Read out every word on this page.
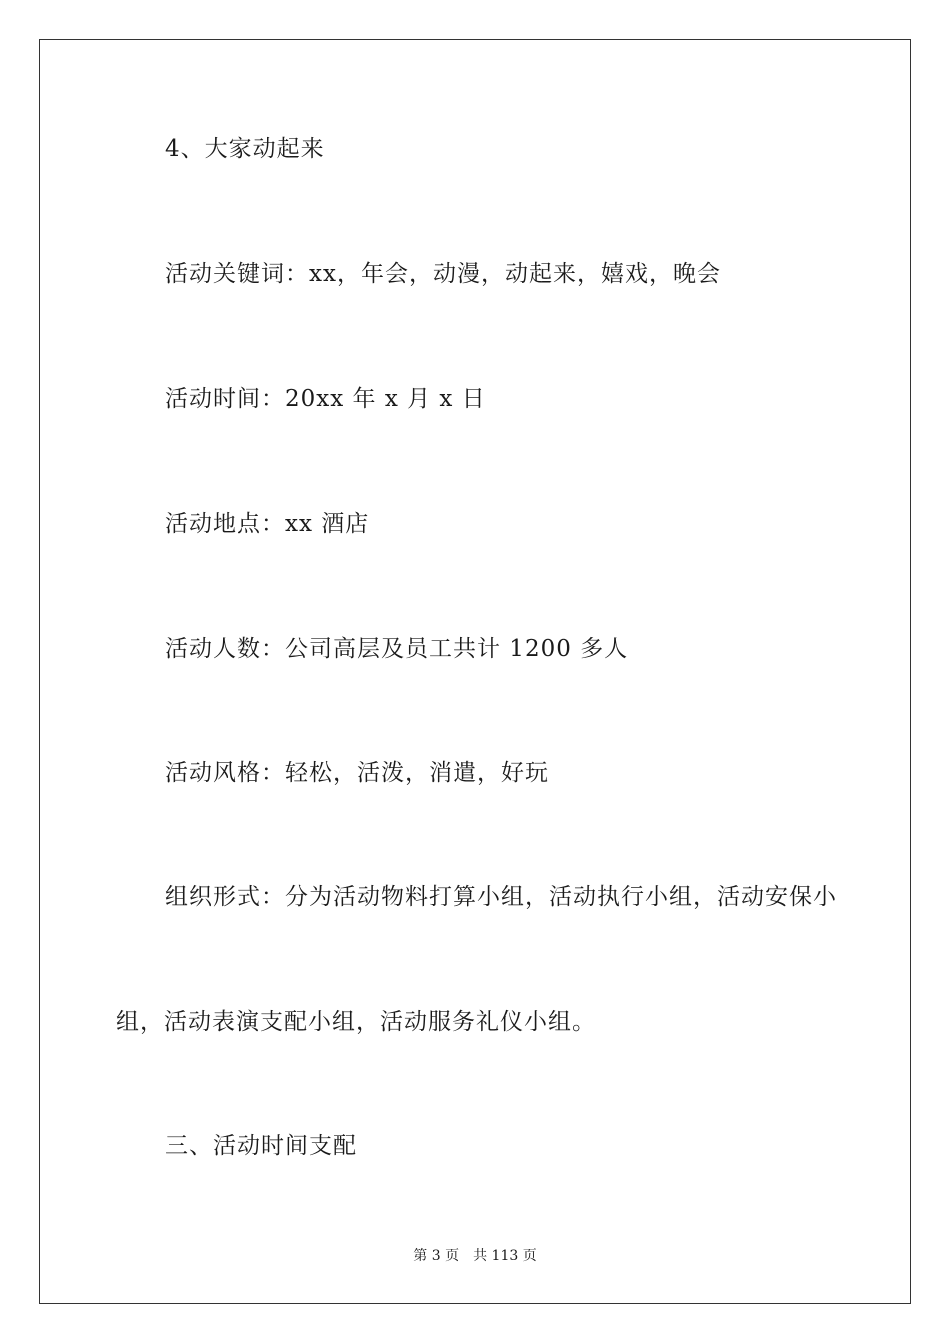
4、大家动起来
活动关键词：xx，年会，动漫，动起来，嬉戏，晚会
活动时间：20xx 年 x 月 x 日
活动地点：xx 酒店
活动人数：公司高层及员工共计 1200 多人
活动风格：轻松，活泼，消遣，好玩
组织形式：分为活动物料打算小组，活动执行小组，活动安保小
组，活动表演支配小组，活动服务礼仪小组。
三、活动时间支配
第 3 页　共 113 页
